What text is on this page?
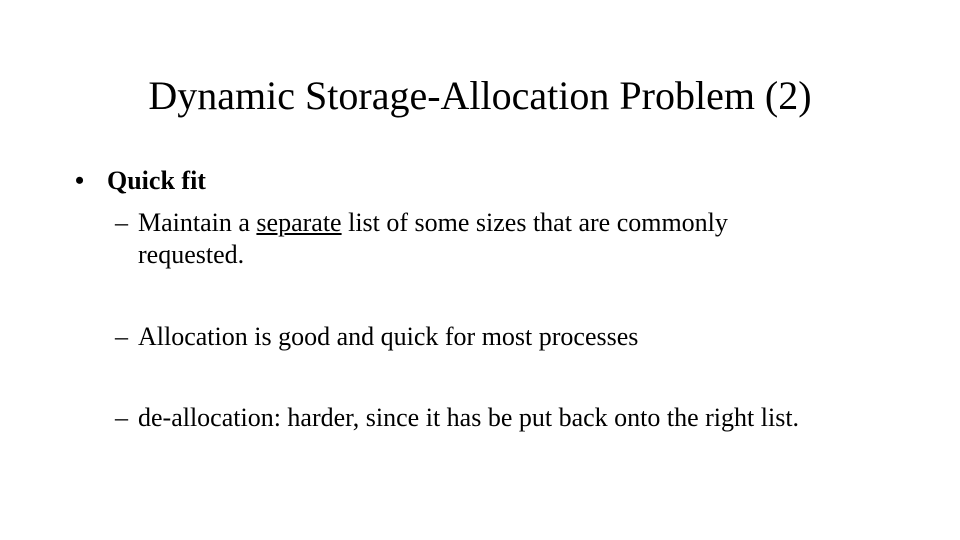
Dynamic Storage-Allocation Problem (2)
• Quick fit
– Maintain a separate list of some sizes that are commonly
requested.
– Allocation is good and quick for most processes
– de-allocation: harder, since it has be put back onto the right list.
